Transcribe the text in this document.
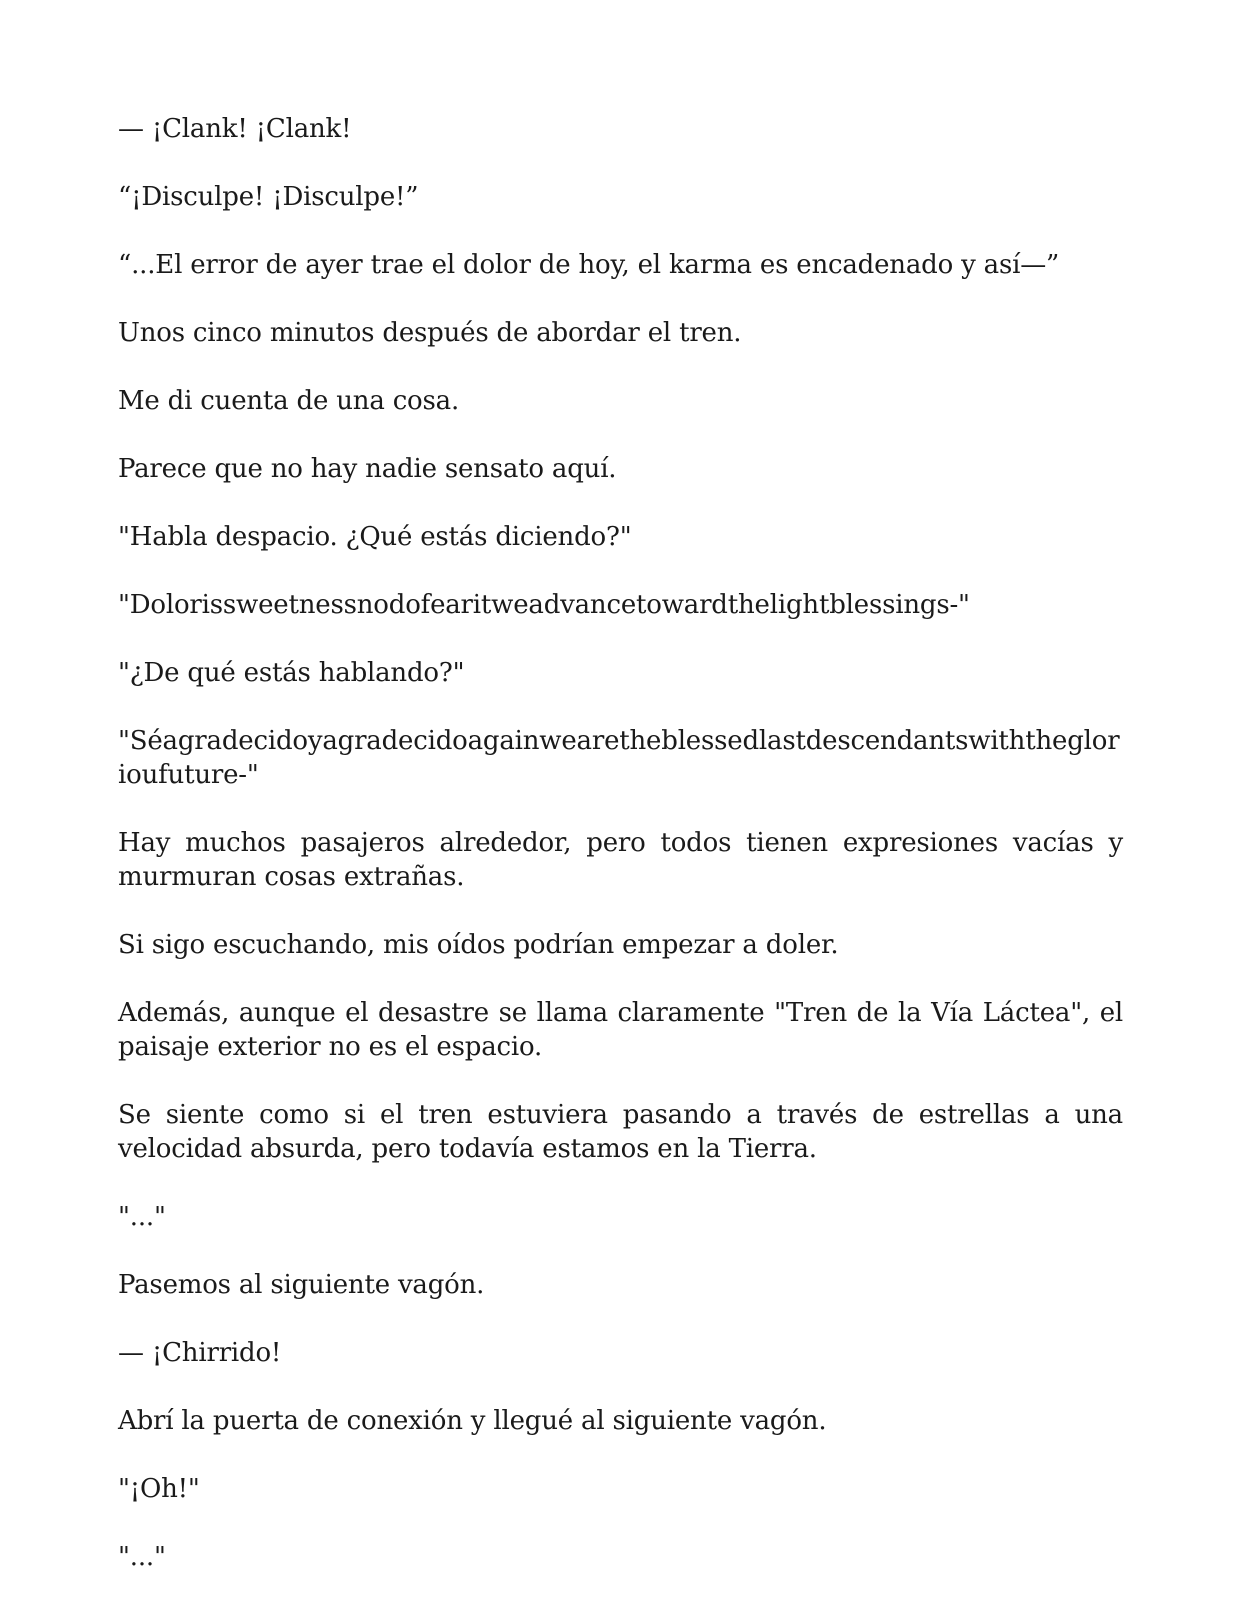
— ¡Clank! ¡Clank!

“¡Disculpe! ¡Disculpe!”

“...El error de ayer trae el dolor de hoy, el karma es encadenado y así—”

Unos cinco minutos después de abordar el tren.

Me di cuenta de una cosa.

Parece que no hay nadie sensato aquí.

"Habla despacio. ¿Qué estás diciendo?"

"Dolorissweetnessnodofearitweadvancetowardthelightblessings-"

"¿De qué estás hablando?"

"Séagradecidoyagradecidoagainwearetheblessedlastdescendantswiththeglorioufuture-"

Hay muchos pasajeros alrededor, pero todos tienen expresiones vacías y murmuran cosas extrañas.

Si sigo escuchando, mis oídos podrían empezar a doler.

Además, aunque el desastre se llama claramente "Tren de la Vía Láctea", el paisaje exterior no es el espacio.

Se siente como si el tren estuviera pasando a través de estrellas a una velocidad absurda, pero todavía estamos en la Tierra.

"..."

Pasemos al siguiente vagón.

— ¡Chirrido!

Abrí la puerta de conexión y llegué al siguiente vagón.

"¡Oh!"

"..."
